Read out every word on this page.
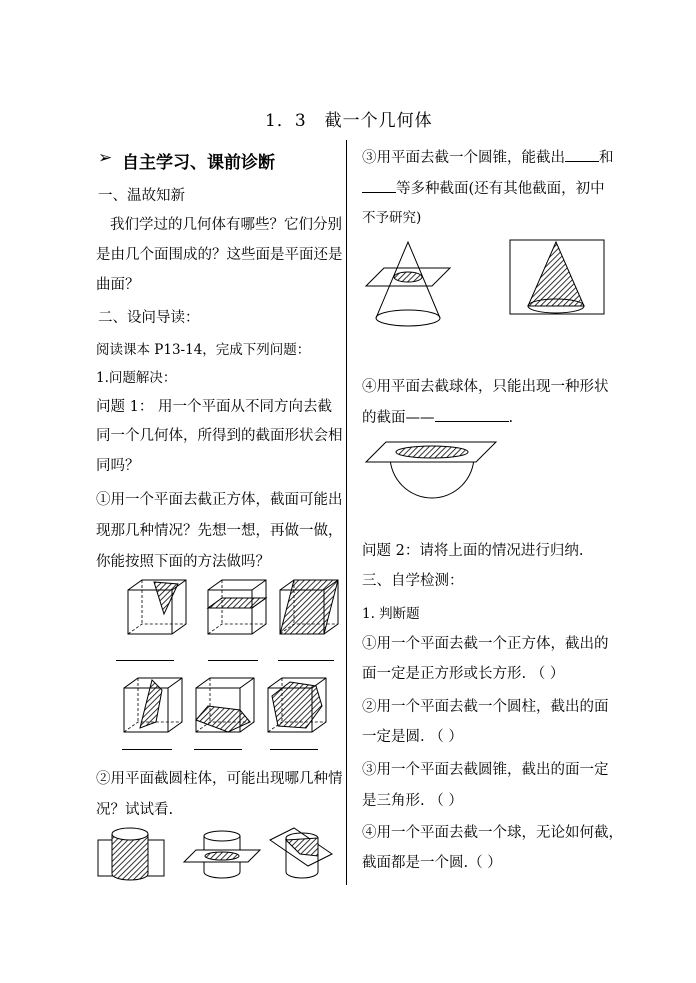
1．3　截一个几何体
➢ 自主学习、课前诊断
一、温故知新
我们学过的几何体有哪些？它们分别
是由几个面围成的？这些面是平面还是
曲面？
二、设问导读：
阅读课本 P13-14，完成下列问题：
1.问题解决：
问题 1： 用一个平面从不同方向去截
同一个几何体，所得到的截面形状会相
同吗？
①用一个平面去截正方体，截面可能出
现那几种情况？先想一想，再做一做，
你能按照下面的方法做吗？
②用平面截圆柱体，可能出现哪几种情
况？试试看.
③用平面去截一个圆锥，能截出 和
等多种截面(还有其他截面，初中
不予研究)
④用平面去截球体，只能出现一种形状
的截面——	.
问题 2：请将上面的情况进行归纳.
三、自学检测：
1. 判断题
①用一个平面去截一个正方体，截出的
面一定是正方形或长方形. （ ）
②用一个平面去截一个圆柱，截出的面
一定是圆. （ ）
③用一个平面去截圆锥，截出的面一定
是三角形. （ ）
④用一个平面去截一个球，无论如何截，
截面都是一个圆.（ ）
